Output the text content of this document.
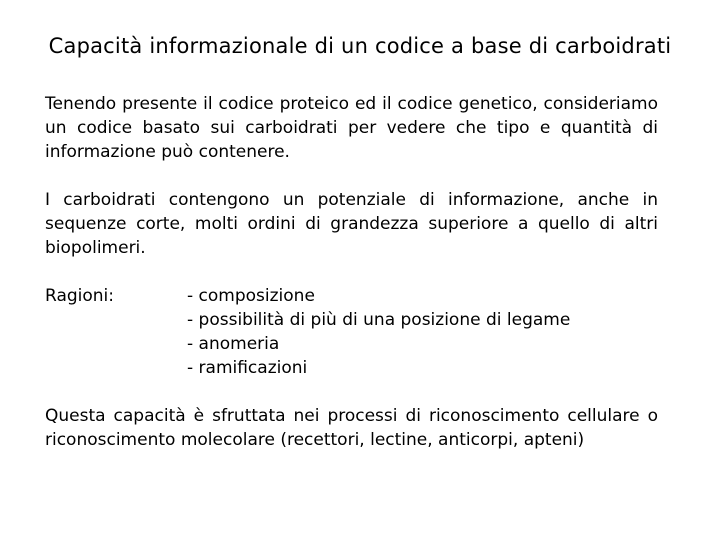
Capacità informazionale di un codice a base di carboidrati

Tenendo presente il codice proteico ed il codice genetico, consideriamo un codice basato sui carboidrati per vedere che tipo e quantità di informazione può contenere.

I carboidrati contengono un potenziale di informazione, anche in sequenze corte, molti ordini di grandezza superiore a quello di altri biopolimeri.

Ragioni:	- composizione
- possibilità di più di una posizione di legame
- anomeria
- ramificazioni

Questa capacità è sfruttata nei processi di riconoscimento cellulare o riconoscimento molecolare (recettori, lectine, anticorpi, apteni)
